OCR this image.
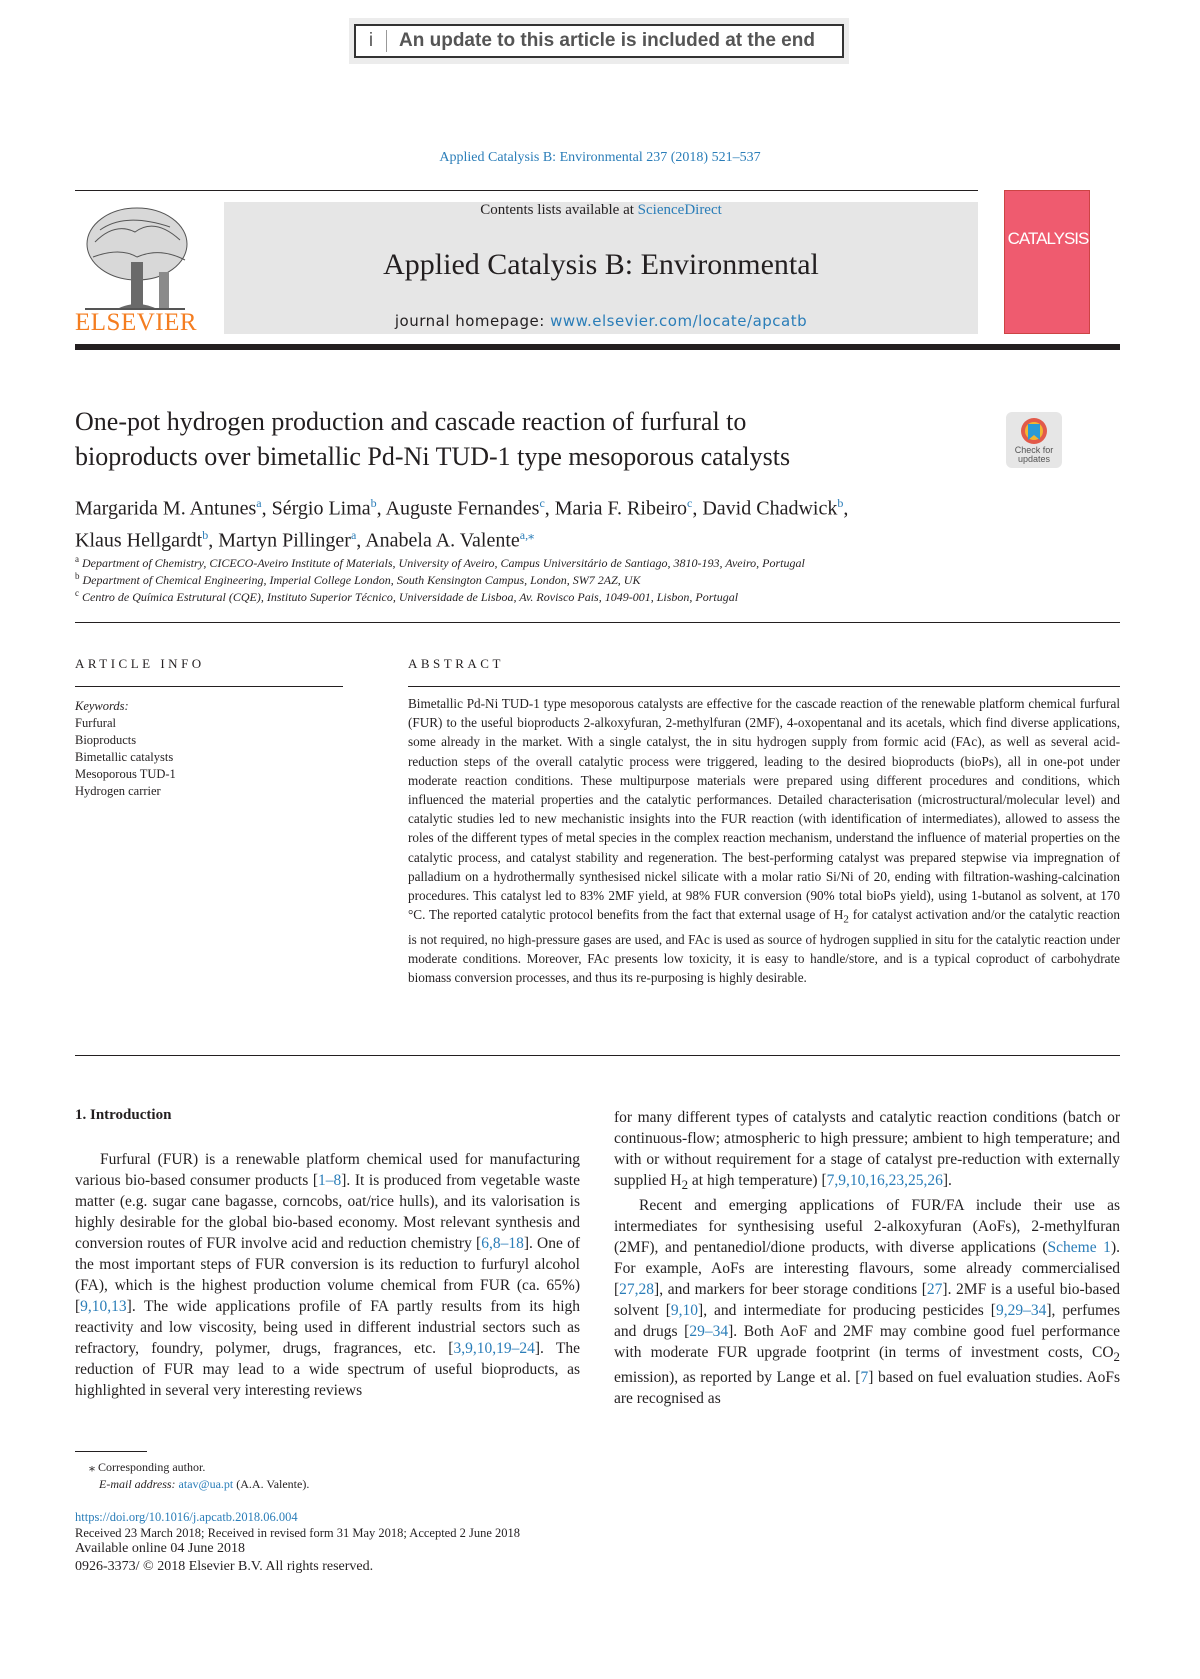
i	An update to this article is included at the end
Applied Catalysis B: Environmental 237 (2018) 521–537
ELSEVIER
Contents lists available at ScienceDirect
Applied Catalysis B: Environmental
journal homepage: www.elsevier.com/locate/apcatb
CATALYSIS
One-pot hydrogen production and cascade reaction of furfural to
bioproducts over bimetallic Pd-Ni TUD-1 type mesoporous catalysts	Check for updates
Margarida M. Antunes$^a$, Sérgio Lima$^b$, Auguste Fernandes$^c$, Maria F. Ribeiro$^c$, David Chadwick$^b$,
Klaus Hellgardt$^b$, Martyn Pillinger$^a$, Anabela A. Valente$^{a,⁎}$
$^a$ Department of Chemistry, CICECO-Aveiro Institute of Materials, University of Aveiro, Campus Universitário de Santiago, 3810-193, Aveiro, Portugal
$^b$ Department of Chemical Engineering, Imperial College London, South Kensington Campus, London, SW7 2AZ, UK
$^c$ Centro de Química Estrutural (CQE), Instituto Superior Técnico, Universidade de Lisboa, Av. Rovisco Pais, 1049-001, Lisbon, Portugal
ARTICLE INFO
Keywords:
Furfural
Bioproducts
Bimetallic catalysts
Mesoporous TUD-1
Hydrogen carrier
ABSTRACT
Bimetallic Pd-Ni TUD-1 type mesoporous catalysts are effective for the cascade reaction of the renewable platform chemical furfural (FUR) to the useful bioproducts 2-alkoxyfuran, 2-methylfuran (2MF), 4-oxopentanal and its acetals, which find diverse applications, some already in the market. With a single catalyst, the in situ hydrogen supply from formic acid (FAc), as well as several acid-reduction steps of the overall catalytic process were triggered, leading to the desired bioproducts (bioPs), all in one-pot under moderate reaction conditions. These multipurpose materials were prepared using different procedures and conditions, which influenced the material properties and the catalytic performances. Detailed characterisation (microstructural/molecular level) and catalytic studies led to new mechanistic insights into the FUR reaction (with identification of intermediates), allowed to assess the roles of the different types of metal species in the complex reaction mechanism, understand the influence of material properties on the catalytic process, and catalyst stability and regeneration. The best-performing catalyst was prepared stepwise via impregnation of palladium on a hydrothermally synthesised nickel silicate with a molar ratio Si/Ni of 20, ending with filtration-washing-calcination procedures. This catalyst led to 83% 2MF yield, at 98% FUR conversion (90% total bioPs yield), using 1-butanol as solvent, at 170 °C. The reported catalytic protocol benefits from the fact that external usage of $H_2$ for catalyst activation and/or the catalytic reaction is not required, no high-pressure gases are used, and FAc is used as source of hydrogen supplied in situ for the catalytic reaction under moderate conditions. Moreover, FAc presents low toxicity, it is easy to handle/store, and is a typical coproduct of carbohydrate biomass conversion processes, and thus its re-purposing is highly desirable.
1. Introduction
Furfural (FUR) is a renewable platform chemical used for manufacturing various bio-based consumer products [1–8]. It is produced from vegetable waste matter (e.g. sugar cane bagasse, corncobs, oat/rice hulls), and its valorisation is highly desirable for the global bio-based economy. Most relevant synthesis and conversion routes of FUR involve acid and reduction chemistry [6,8–18]. One of the most important steps of FUR conversion is its reduction to furfuryl alcohol (FA), which is the highest production volume chemical from FUR (ca. 65%) [9,10,13]. The wide applications profile of FA partly results from its high reactivity and low viscosity, being used in different industrial sectors such as refractory, foundry, polymer, drugs, fragrances, etc. [3,9,10,19–24]. The reduction of FUR may lead to a wide spectrum of useful bioproducts, as highlighted in several very interesting reviews

for many different types of catalysts and catalytic reaction conditions (batch or continuous-flow; atmospheric to high pressure; ambient to high temperature; and with or without requirement for a stage of catalyst pre-reduction with externally supplied $H_2$ at high temperature) [7,9,10,16,23,25,26].

Recent and emerging applications of FUR/FA include their use as intermediates for synthesising useful 2-alkoxyfuran (AoFs), 2-methylfuran (2MF), and pentanediol/dione products, with diverse applications (Scheme 1). For example, AoFs are interesting flavours, some already commercialised [27,28], and markers for beer storage conditions [27]. 2MF is a useful bio-based solvent [9,10], and intermediate for producing pesticides [9,29–34], perfumes and drugs [29–34]. Both AoF and 2MF may combine good fuel performance with moderate FUR upgrade footprint (in terms of investment costs, $CO_2$ emission), as reported by Lange et al. [7] based on fuel evaluation studies. AoFs are recognised as

⁎ Corresponding author.
E-mail address: atav@ua.pt (A.A. Valente).
https://doi.org/10.1016/j.apcatb.2018.06.004
Received 23 March 2018; Received in revised form 31 May 2018; Accepted 2 June 2018
Available online 04 June 2018
0926-3373/ © 2018 Elsevier B.V. All rights reserved.
